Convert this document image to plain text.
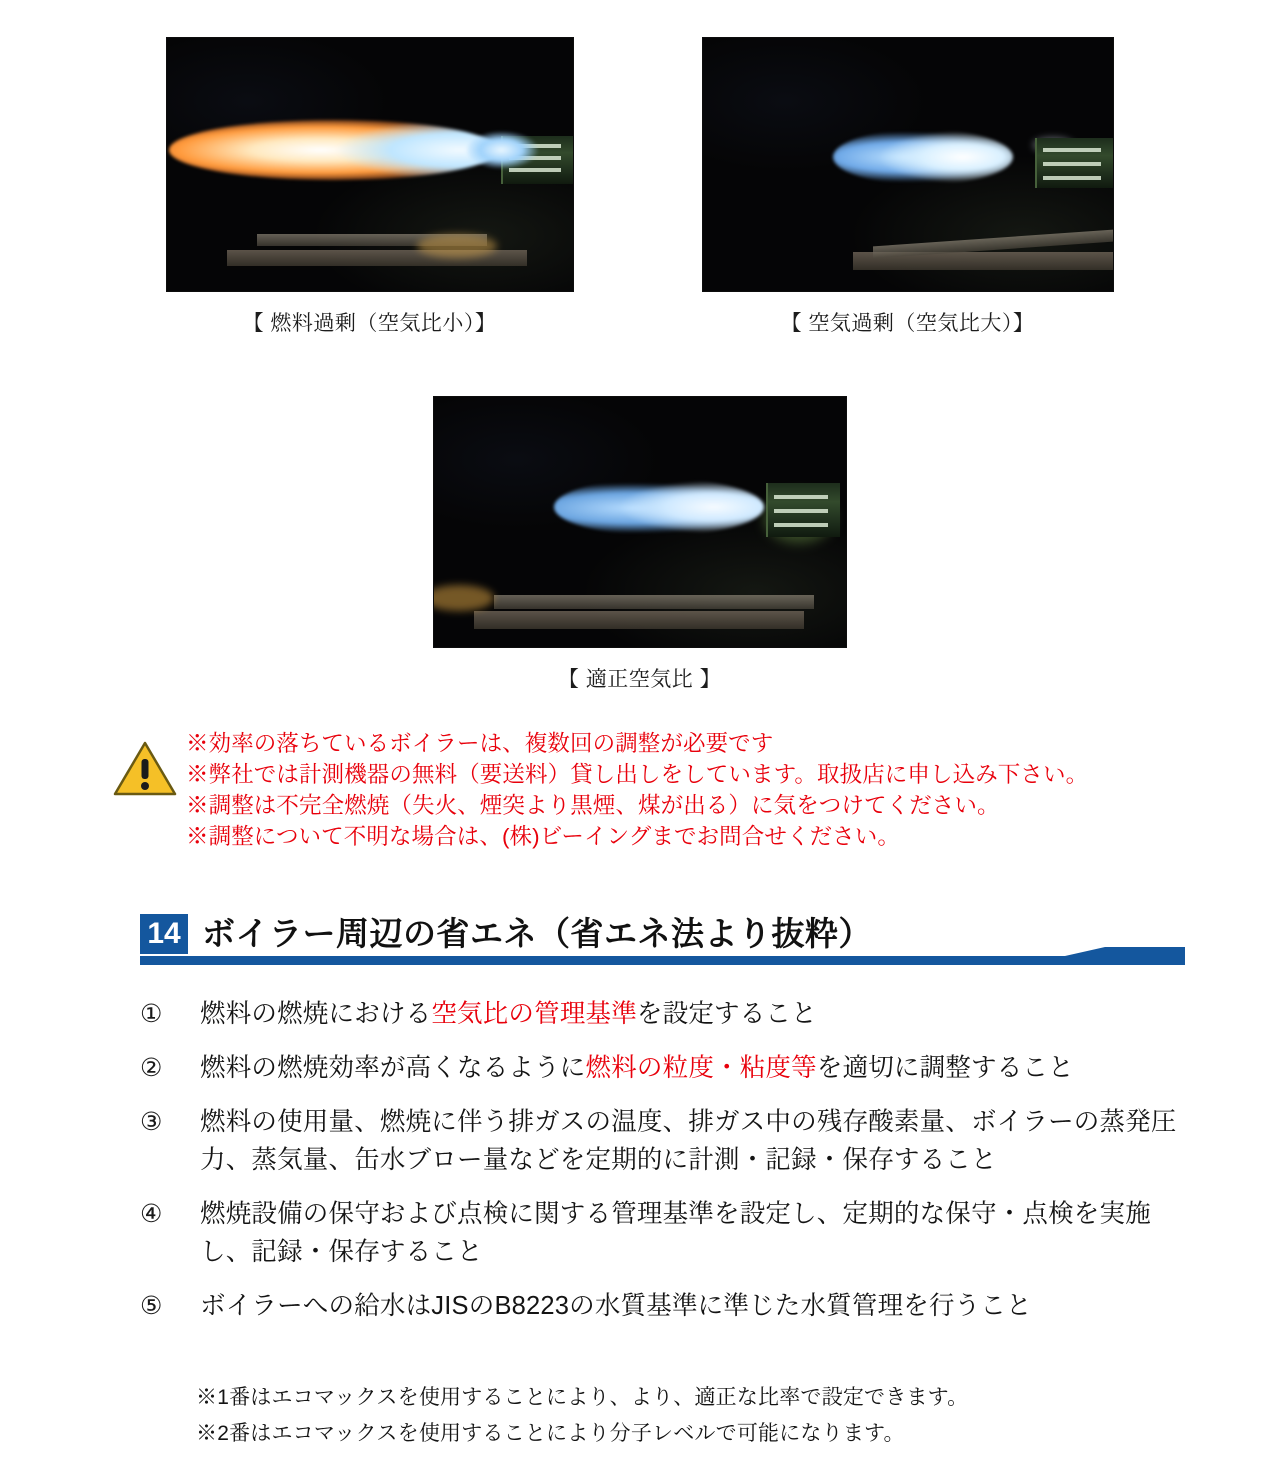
【 燃料過剰（空気比小）】	【 空気過剰（空気比大）】
【 適正空気比 】
※効率の落ちているボイラーは、複数回の調整が必要です
※弊社では計測機器の無料（要送料）貸し出しをしています。取扱店に申し込み下さい。
※調整は不完全燃焼（失火、煙突より黒煙、煤が出る）に気をつけてください。
※調整について不明な場合は、(株)ビーイングまでお問合せください。
14 ボイラー周辺の省エネ（省エネ法より抜粋）
①	燃料の燃焼における空気比の管理基準を設定すること
②	燃料の燃焼効率が高くなるように燃料の粒度・粘度等を適切に調整すること
③	燃料の使用量、燃焼に伴う排ガスの温度、排ガス中の残存酸素量、ボイラーの蒸発圧力、蒸気量、缶水ブロー量などを定期的に計測・記録・保存すること
④	燃焼設備の保守および点検に関する管理基準を設定し、定期的な保守・点検を実施し、記録・保存すること
⑤	ボイラーへの給水はJISのB8223の水質基準に準じた水質管理を行うこと
※1番はエコマックスを使用することにより、より、適正な比率で設定できます。
※2番はエコマックスを使用することにより分子レベルで可能になります。
